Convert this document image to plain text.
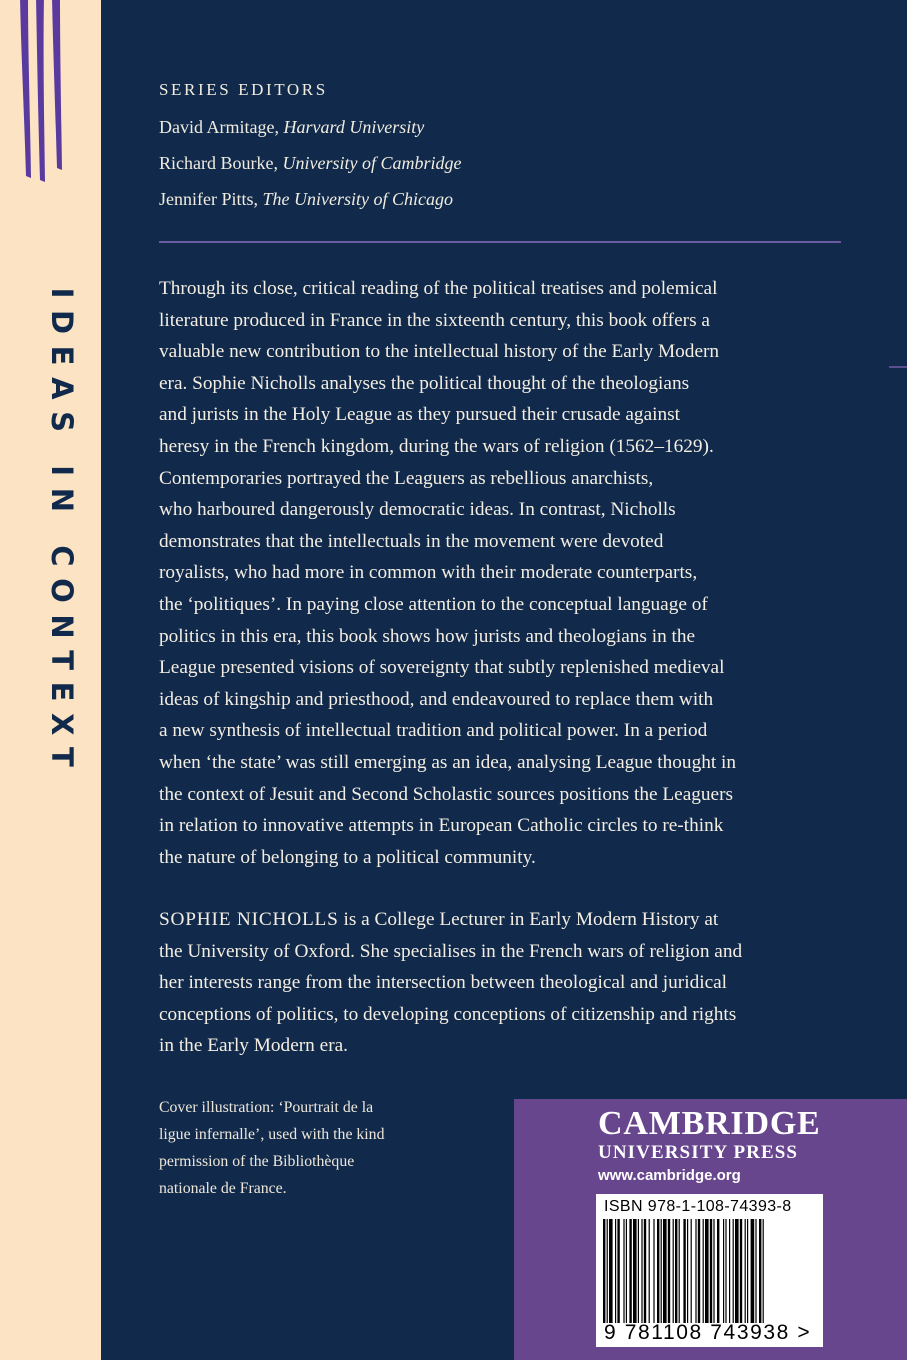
IDEAS IN CONTEXT
SERIES EDITORS
David Armitage, Harvard University
Richard Bourke, University of Cambridge
Jennifer Pitts, The University of Chicago

Through its close, critical reading of the political treatises and polemical
literature produced in France in the sixteenth century, this book offers a
valuable new contribution to the intellectual history of the Early Modern
era. Sophie Nicholls analyses the political thought of the theologians
and jurists in the Holy League as they pursued their crusade against
heresy in the French kingdom, during the wars of religion (1562–1629).
Contemporaries portrayed the Leaguers as rebellious anarchists,
who harboured dangerously democratic ideas. In contrast, Nicholls
demonstrates that the intellectuals in the movement were devoted
royalists, who had more in common with their moderate counterparts,
the ‘politiques’. In paying close attention to the conceptual language of
politics in this era, this book shows how jurists and theologians in the
League presented visions of sovereignty that subtly replenished medieval
ideas of kingship and priesthood, and endeavoured to replace them with
a new synthesis of intellectual tradition and political power. In a period
when ‘the state’ was still emerging as an idea, analysing League thought in
the context of Jesuit and Second Scholastic sources positions the Leaguers
in relation to innovative attempts in European Catholic circles to re-think
the nature of belonging to a political community.

SOPHIE NICHOLLS is a College Lecturer in Early Modern History at
the University of Oxford. She specialises in the French wars of religion and
her interests range from the intersection between theological and juridical
conceptions of politics, to developing conceptions of citizenship and rights
in the Early Modern era.

Cover illustration: ‘Pourtrait de la
ligue infernalle’, used with the kind
permission of the Bibliothèque
nationale de France.

CAMBRIDGE
UNIVERSITY PRESS
www.cambridge.org
ISBN 978-1-108-74393-8
9 781108 743938 >
